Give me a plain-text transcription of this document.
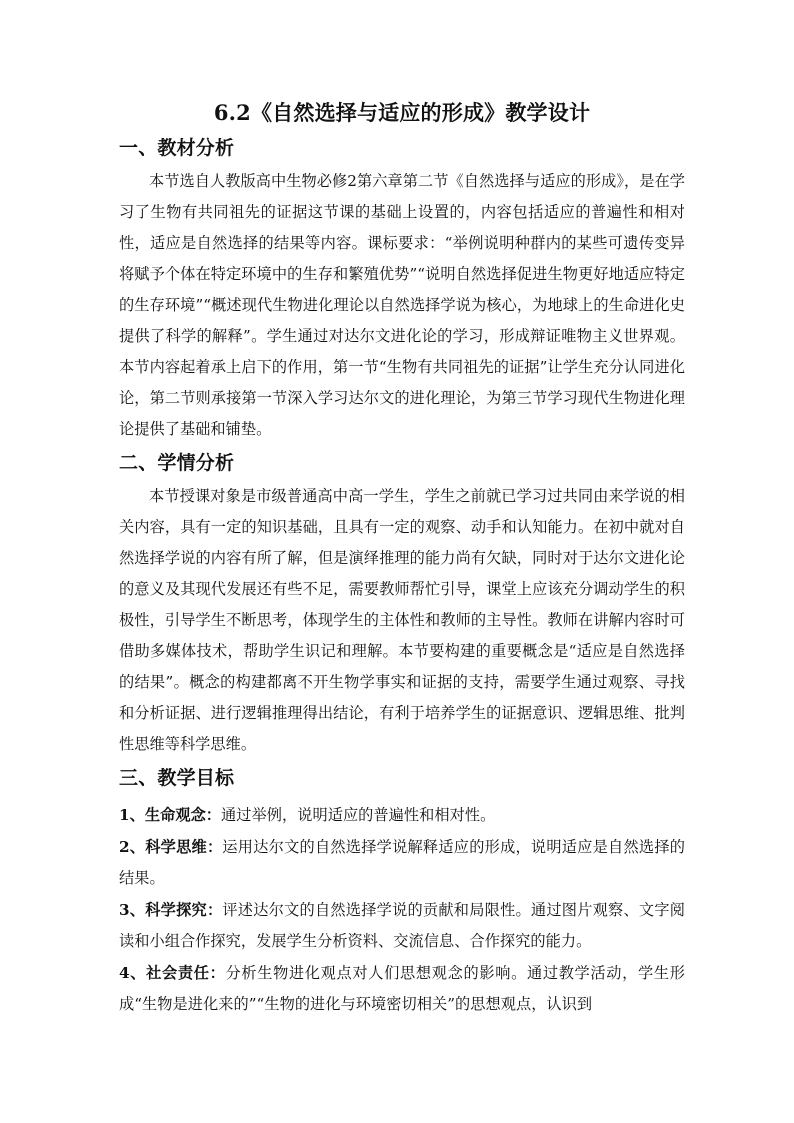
6.2《自然选择与适应的形成》教学设计
一、教材分析

本节选自人教版高中生物必修2第六章第二节《自然选择与适应的形成》，是在学习了生物有共同祖先的证据这节课的基础上设置的，内容包括适应的普遍性和相对性，适应是自然选择的结果等内容。课标要求：“举例说明种群内的某些可遗传变异将赋予个体在特定环境中的生存和繁殖优势”“说明自然选择促进生物更好地适应特定的生存环境”“概述现代生物进化理论以自然选择学说为核心，为地球上的生命进化史提供了科学的解释”。学生通过对达尔文进化论的学习，形成辩证唯物主义世界观。本节内容起着承上启下的作用，第一节“生物有共同祖先的证据”让学生充分认同进化论，第二节则承接第一节深入学习达尔文的进化理论，为第三节学习现代生物进化理论提供了基础和铺垫。

二、学情分析

本节授课对象是市级普通高中高一学生，学生之前就已学习过共同由来学说的相关内容，具有一定的知识基础，且具有一定的观察、动手和认知能力。在初中就对自然选择学说的内容有所了解，但是演绎推理的能力尚有欠缺，同时对于达尔文进化论的意义及其现代发展还有些不足，需要教师帮忙引导，课堂上应该充分调动学生的积极性，引导学生不断思考，体现学生的主体性和教师的主导性。教师在讲解内容时可借助多媒体技术，帮助学生识记和理解。本节要构建的重要概念是“适应是自然选择的结果”。概念的构建都离不开生物学事实和证据的支持，需要学生通过观察、寻找和分析证据、进行逻辑推理得出结论，有利于培养学生的证据意识、逻辑思维、批判性思维等科学思维。

三、教学目标

1、生命观念：通过举例，说明适应的普遍性和相对性。

2、科学思维：运用达尔文的自然选择学说解释适应的形成，说明适应是自然选择的结果。

3、科学探究：评述达尔文的自然选择学说的贡献和局限性。通过图片观察、文字阅读和小组合作探究，发展学生分析资料、交流信息、合作探究的能力。

4、社会责任：分析生物进化观点对人们思想观念的影响。通过教学活动，学生形成“生物是进化来的”“生物的进化与环境密切相关”的思想观点，认识到
